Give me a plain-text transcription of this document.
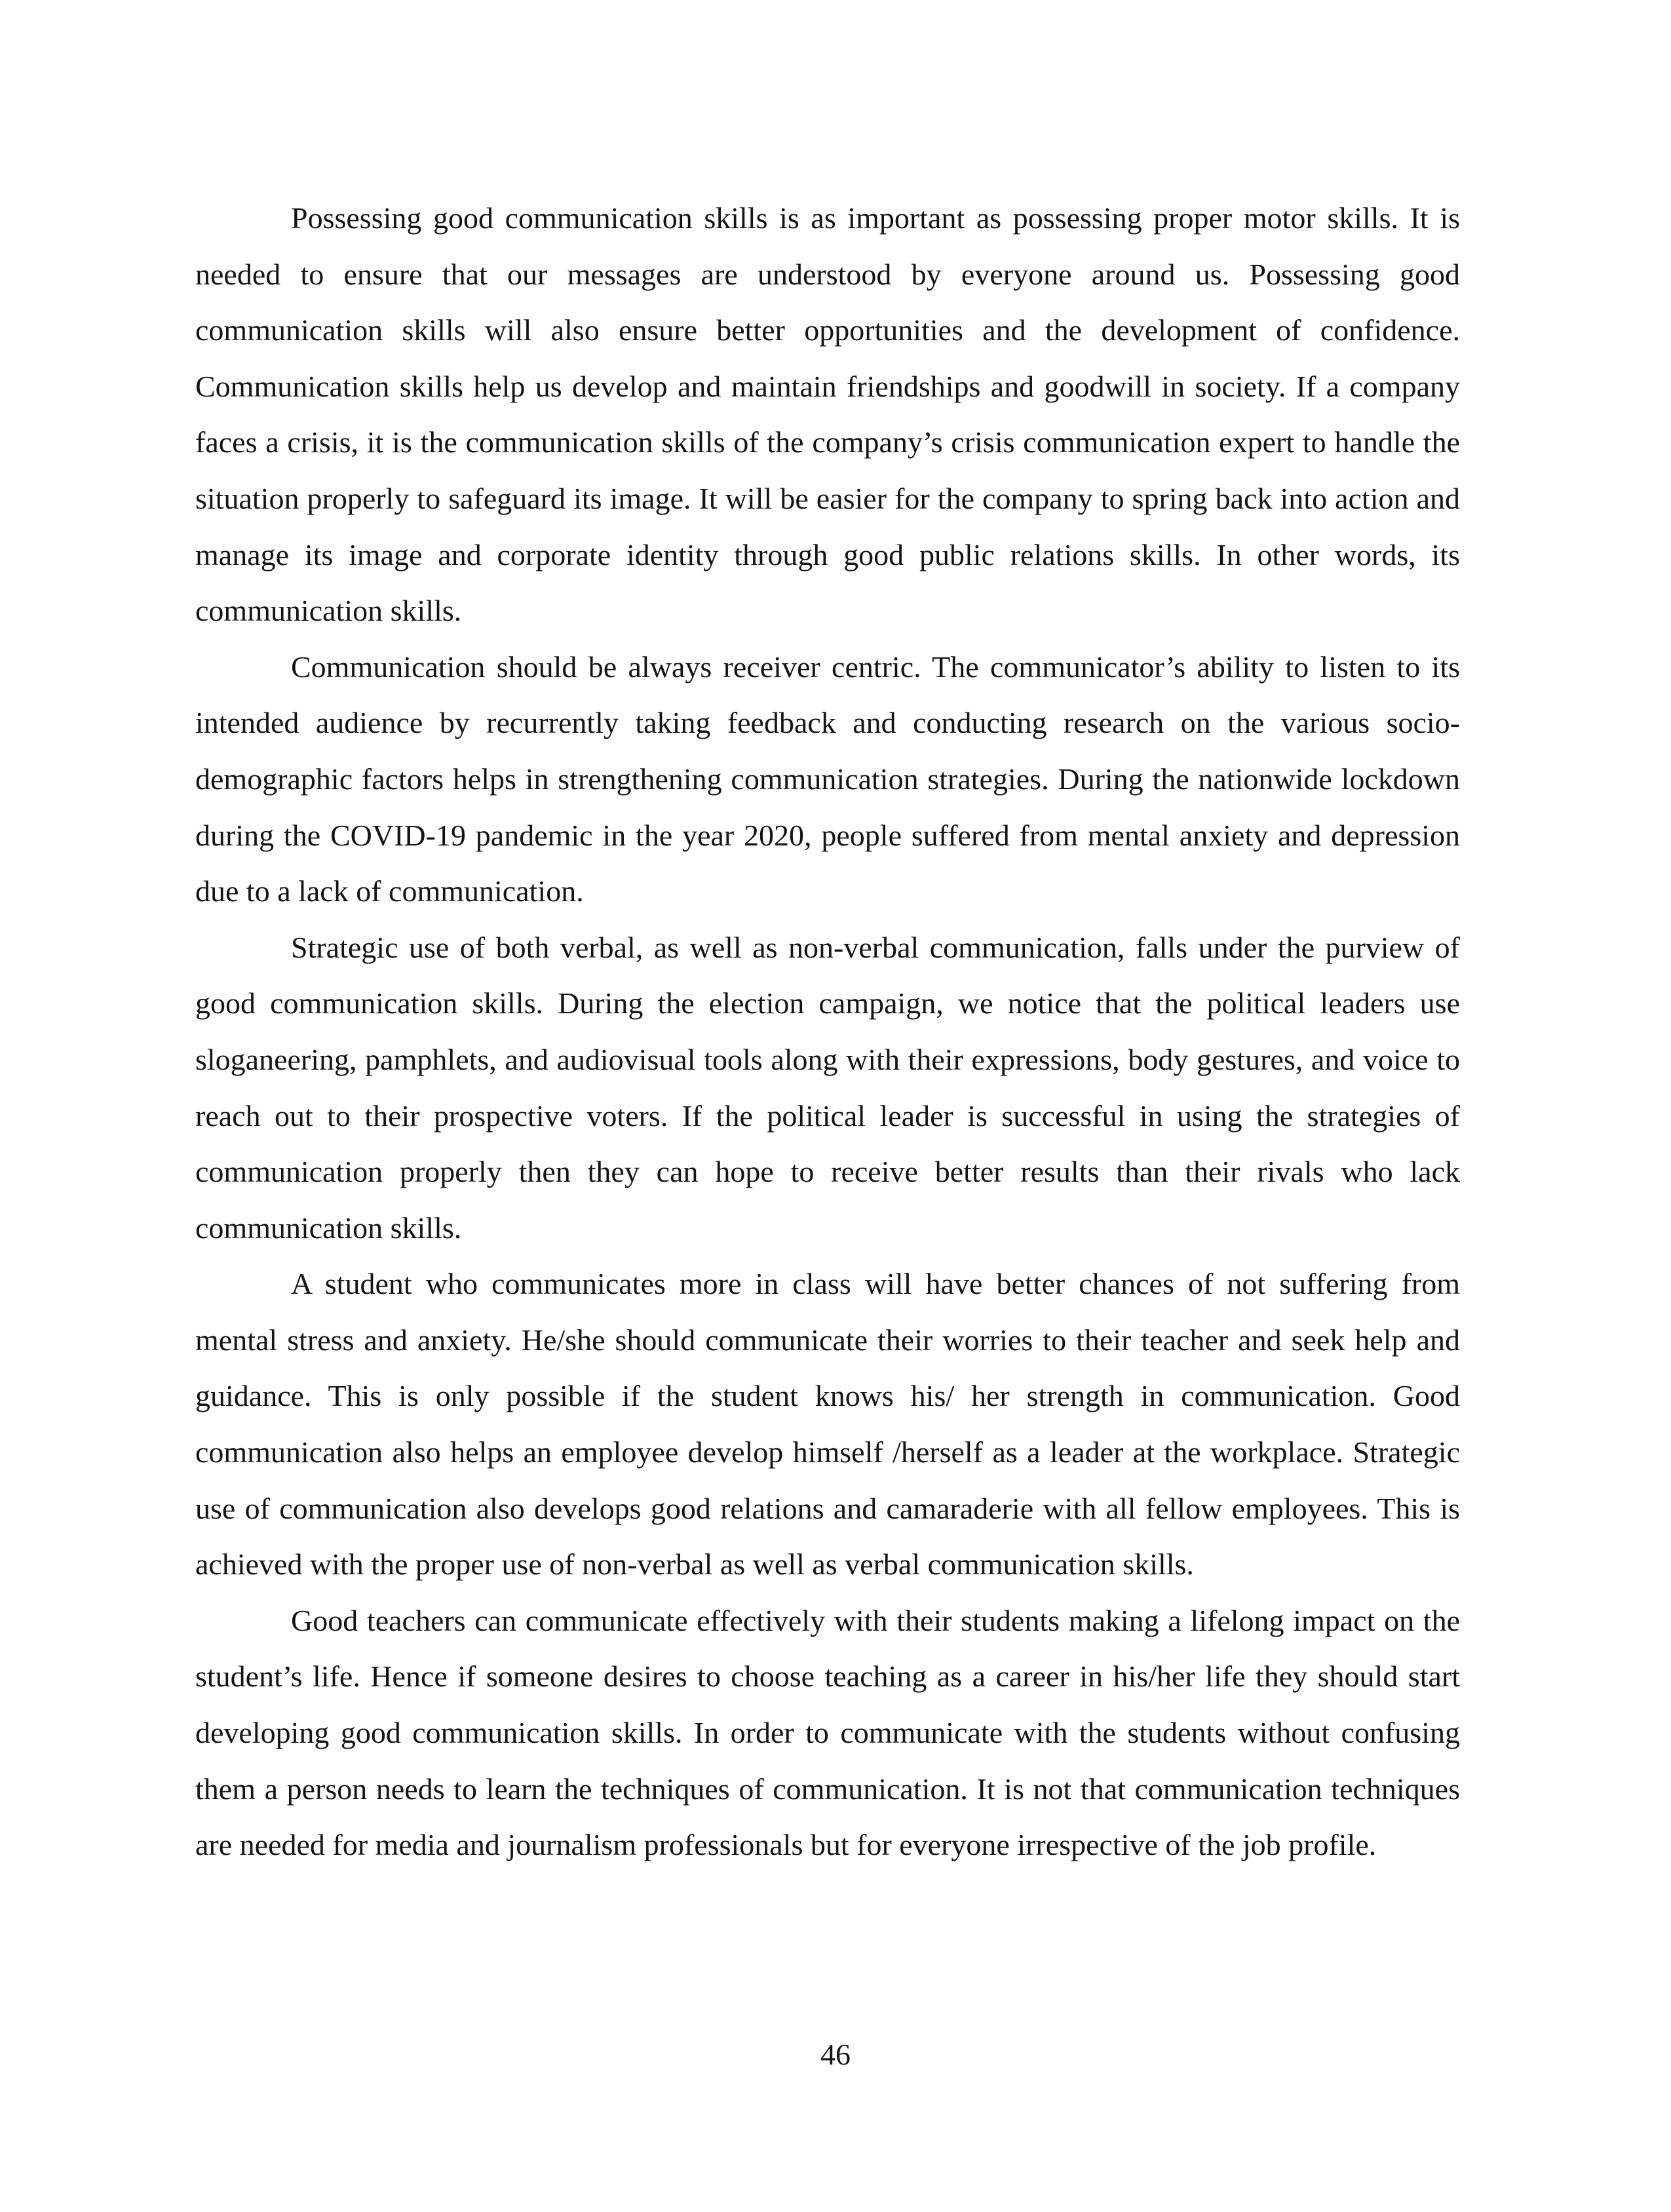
Possessing good communication skills is as important as possessing proper motor skills. It is needed to ensure that our messages are understood by everyone around us. Possessing good communication skills will also ensure better opportunities and the development of confidence. Communication skills help us develop and maintain friendships and goodwill in society. If a company faces a crisis, it is the communication skills of the company’s crisis communication expert to handle the situation properly to safeguard its image. It will be easier for the company to spring back into action and manage its image and corporate identity through good public relations skills. In other words, its communication skills.

Communication should be always receiver centric. The communicator’s ability to listen to its intended audience by recurrently taking feedback and conducting research on the various socio-demographic factors helps in strengthening communication strategies. During the nationwide lockdown during the COVID-19 pandemic in the year 2020, people suffered from mental anxiety and depression due to a lack of communication.

Strategic use of both verbal, as well as non-verbal communication, falls under the purview of good communication skills. During the election campaign, we notice that the political leaders use sloganeering, pamphlets, and audiovisual tools along with their expressions, body gestures, and voice to reach out to their prospective voters. If the political leader is successful in using the strategies of communication properly then they can hope to receive better results than their rivals who lack communication skills.

A student who communicates more in class will have better chances of not suffering from mental stress and anxiety. He/she should communicate their worries to their teacher and seek help and guidance. This is only possible if the student knows his/ her strength in communication. Good communication also helps an employee develop himself /herself as a leader at the workplace. Strategic use of communication also develops good relations and camaraderie with all fellow employees. This is achieved with the proper use of non-verbal as well as verbal communication skills.

Good teachers can communicate effectively with their students making a lifelong impact on the student’s life. Hence if someone desires to choose teaching as a career in his/her life they should start developing good communication skills. In order to communicate with the students without confusing them a person needs to learn the techniques of communication. It is not that communication techniques are needed for media and journalism professionals but for everyone irrespective of the job profile.

46
